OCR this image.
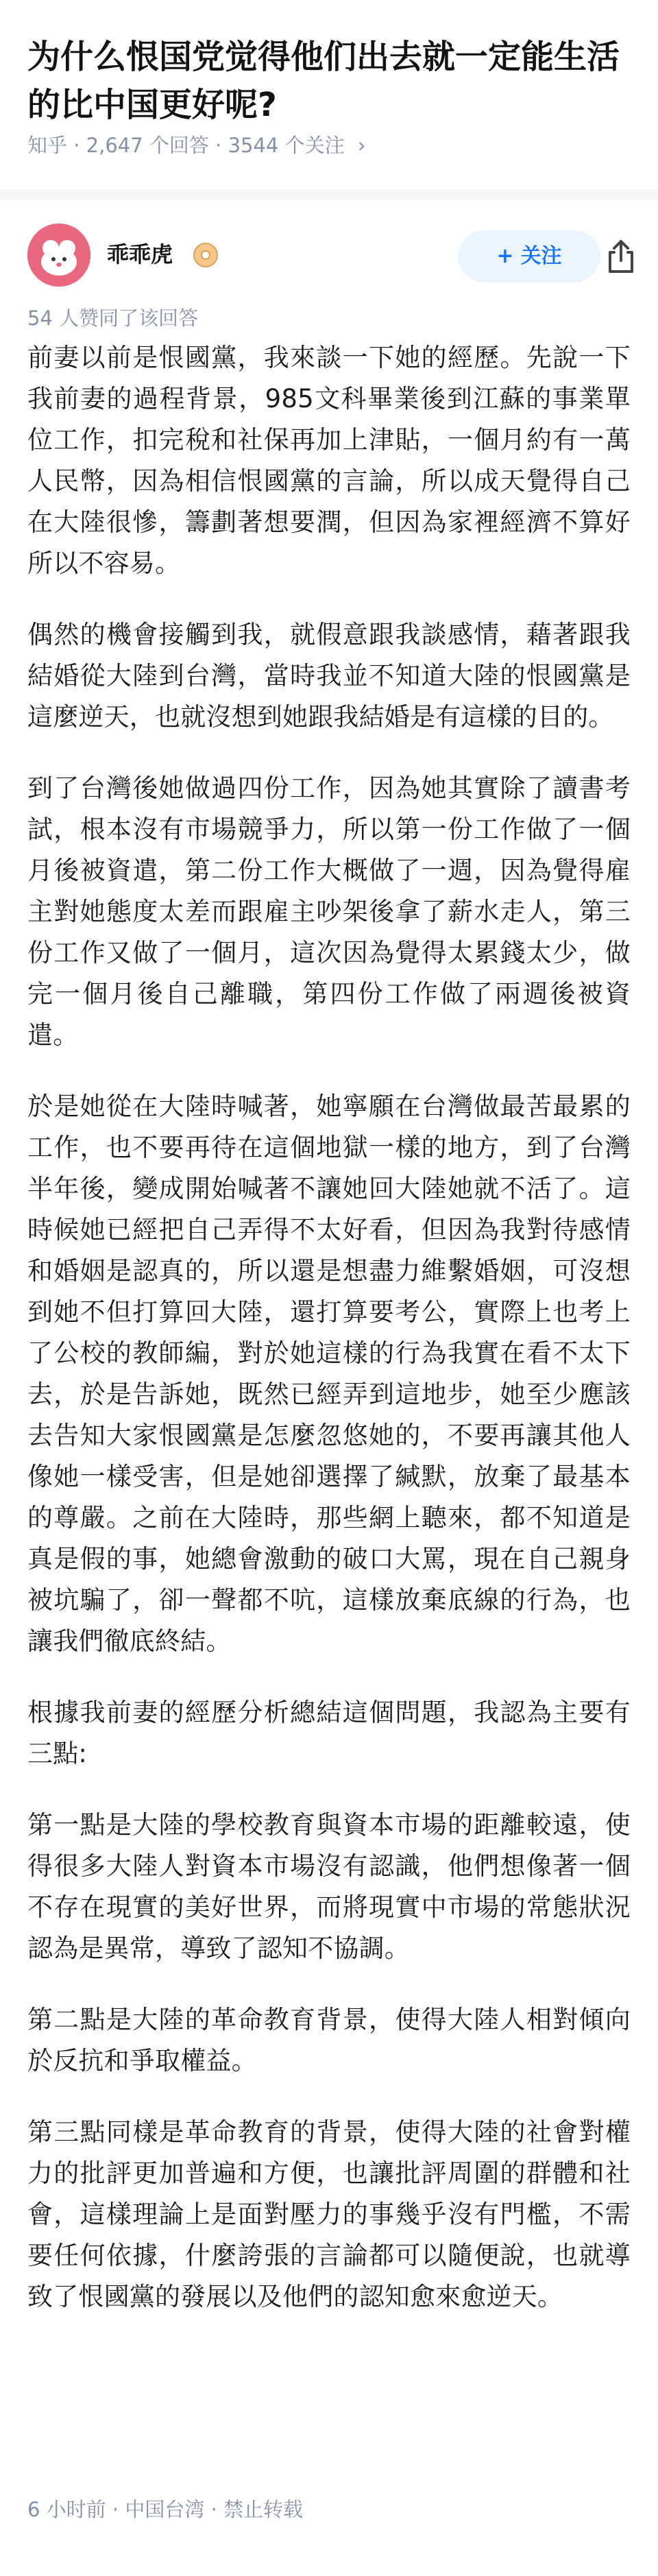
为什么恨国党觉得他们出去就一定能生活的比中国更好呢?
知乎 · 2,647 个回答 · 3544 个关注 ›
乖乖虎	+ 关注
54 人赞同了该回答

前妻以前是恨國黨，我來談一下她的經歷。先說一下我前妻的過程背景，985文科畢業後到江蘇的事業單位工作，扣完稅和社保再加上津貼，一個月約有一萬人民幣，因為相信恨國黨的言論，所以成天覺得自己在大陸很慘，籌劃著想要潤，但因為家裡經濟不算好所以不容易。

偶然的機會接觸到我，就假意跟我談感情，藉著跟我結婚從大陸到台灣，當時我並不知道大陸的恨國黨是這麼逆天，也就沒想到她跟我結婚是有這樣的目的。

到了台灣後她做過四份工作，因為她其實除了讀書考試，根本沒有市場競爭力，所以第一份工作做了一個月後被資遣，第二份工作大概做了一週，因為覺得雇主對她態度太差而跟雇主吵架後拿了薪水走人，第三份工作又做了一個月，這次因為覺得太累錢太少，做完一個月後自己離職，第四份工作做了兩週後被資遣。

於是她從在大陸時喊著，她寧願在台灣做最苦最累的工作，也不要再待在這個地獄一樣的地方，到了台灣半年後，變成開始喊著不讓她回大陸她就不活了。這時候她已經把自己弄得不太好看，但因為我對待感情和婚姻是認真的，所以還是想盡力維繫婚姻，可沒想到她不但打算回大陸，還打算要考公，實際上也考上了公校的教師編，對於她這樣的行為我實在看不太下去，於是告訴她，既然已經弄到這地步，她至少應該去告知大家恨國黨是怎麼忽悠她的，不要再讓其他人像她一樣受害，但是她卻選擇了緘默，放棄了最基本的尊嚴。之前在大陸時，那些網上聽來，都不知道是真是假的事，她總會激動的破口大罵，現在自己親身被坑騙了，卻一聲都不吭，這樣放棄底線的行為，也讓我們徹底終結。

根據我前妻的經歷分析總結這個問題，我認為主要有三點:

第一點是大陸的學校教育與資本市場的距離較遠，使得很多大陸人對資本市場沒有認識，他們想像著一個不存在現實的美好世界，而將現實中市場的常態狀況認為是異常，導致了認知不協調。

第二點是大陸的革命教育背景，使得大陸人相對傾向於反抗和爭取權益。

第三點同樣是革命教育的背景，使得大陸的社會對權力的批評更加普遍和方便，也讓批評周圍的群體和社會，這樣理論上是面對壓力的事幾乎沒有門檻，不需要任何依據，什麼誇張的言論都可以隨便說，也就導致了恨國黨的發展以及他們的認知愈來愈逆天。

6 小时前 · 中国台湾 · 禁止转载
